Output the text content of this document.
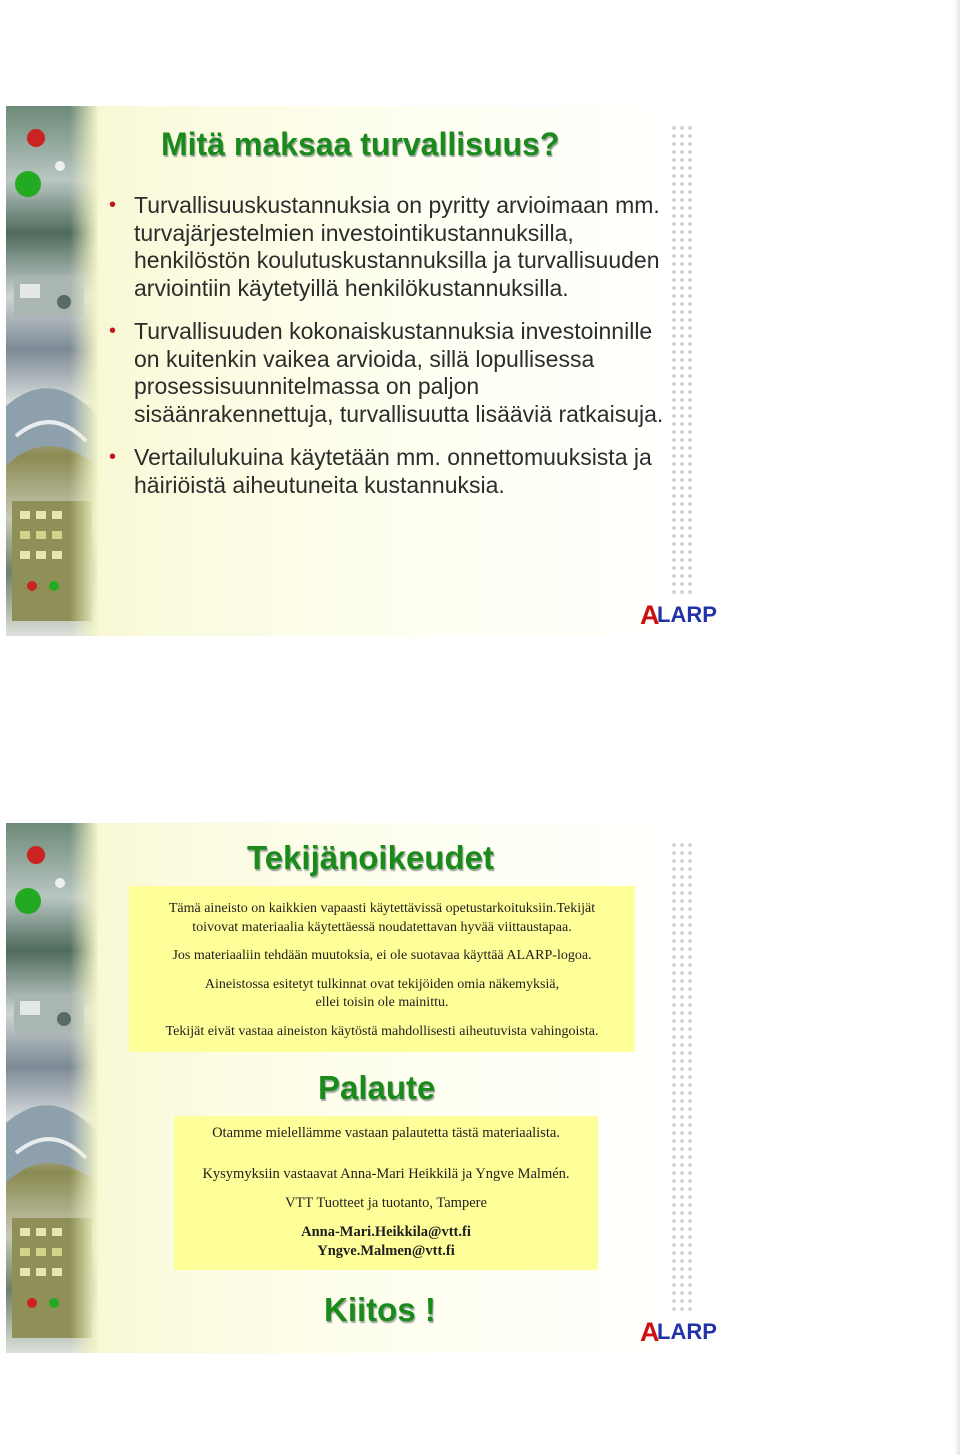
Mitä maksaa turvallisuus?
• Turvallisuuskustannuksia on pyritty arvioimaan mm. turvajärjestelmien investointikustannuksilla, henkilöstön koulutuskustannuksilla ja turvallisuuden arviointiin käytetyillä henkilökustannuksilla.
• Turvallisuuden kokonaiskustannuksia investoinnille on kuitenkin vaikea arvioida, sillä lopullisessa prosessisuunnitelmassa on paljon sisäänrakennettuja, turvallisuutta lisääviä ratkaisuja.
• Vertailulukuina käytetään mm. onnettomuuksista ja häiriöistä aiheutuneita kustannuksia.
A
LARP
Tekijänoikeudet

Tämä aineisto on kaikkien vapaasti käytettävissä opetustarkoituksiin.Tekijät

toivovat materiaalia käytettäessä noudatettavan hyvää viittaustapaa.

Jos materiaaliin tehdään muutoksia, ei ole suotavaa käyttää ALARP-logoa.

Aineistossa esitetyt tulkinnat ovat tekijöiden omia näkemyksiä,

ellei toisin ole mainittu.

Tekijät eivät vastaa aineiston käytöstä mahdollisesti aiheutuvista vahingoista.

Palaute

Otamme mielellämme vastaan palautetta tästä materiaalista.

Kysymyksiin vastaavat Anna-Mari Heikkilä ja Yngve Malmén.

VTT Tuotteet ja tuotanto, Tampere

Anna-Mari.Heikkila@vtt.fi

Yngve.Malmen@vtt.fi

Kiitos !
A
LARP
